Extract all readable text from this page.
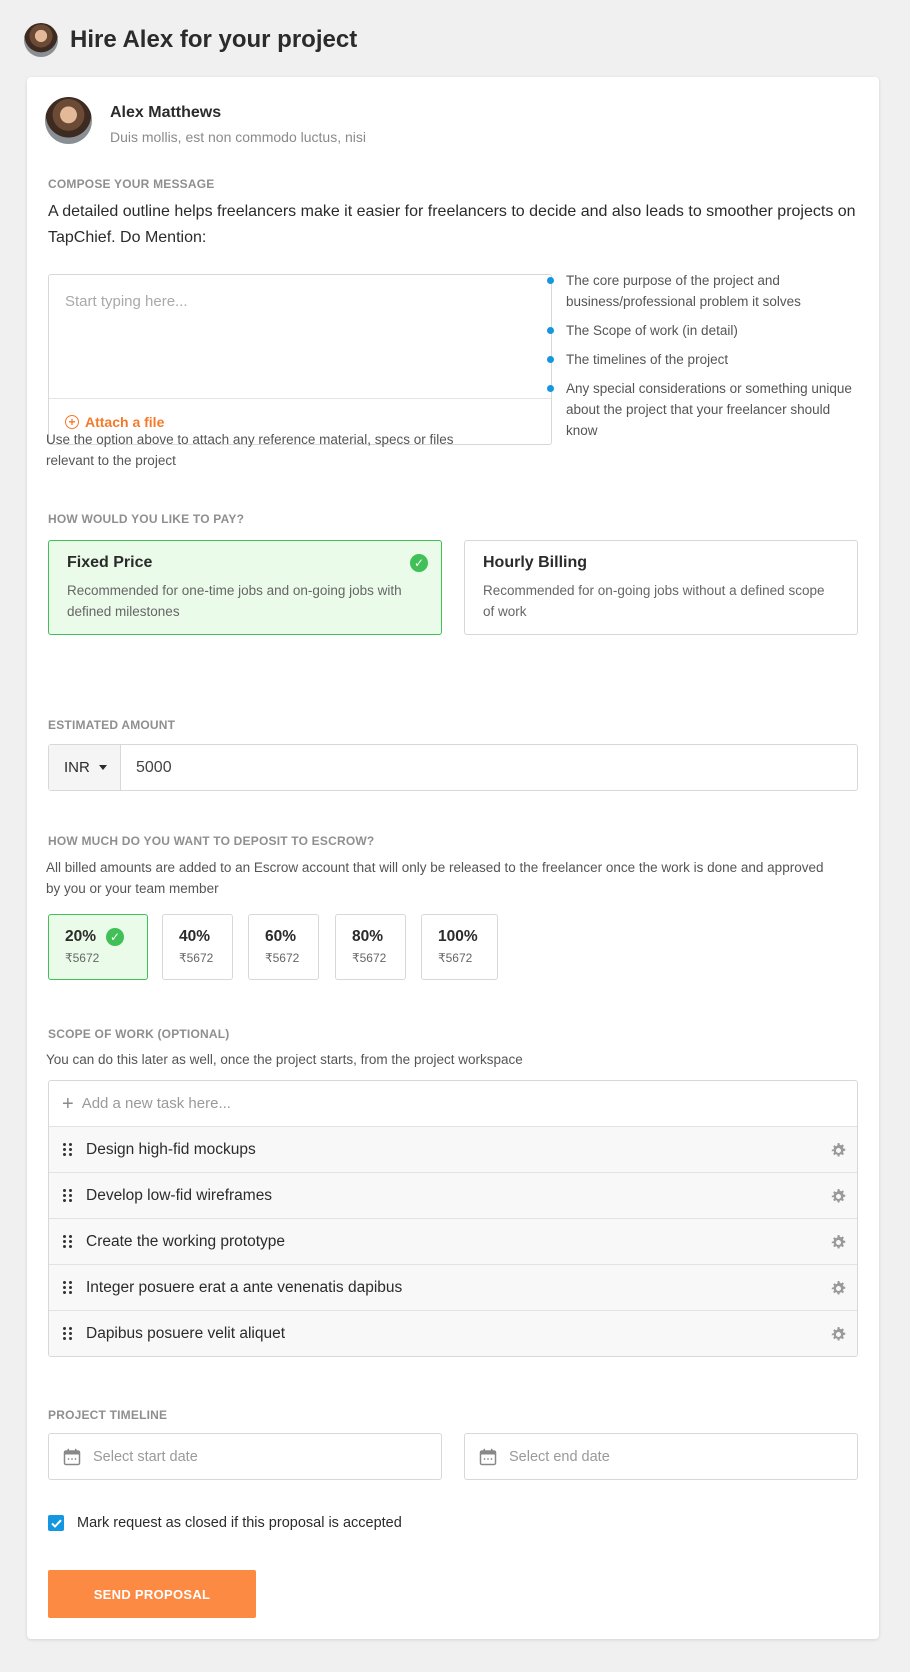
Hire Alex for your project
Alex Matthews
Duis mollis, est non commodo luctus, nisi
COMPOSE YOUR MESSAGE
A detailed outline helps freelancers make it easier for freelancers to decide and also leads to smoother projects on TapChief. Do Mention:
Start typing here...
+ Attach a file
The core purpose of the project and business/professional problem it solves
The Scope of work (in detail)
The timelines of the project
Any special considerations or something unique about the project that your freelancer should know
Use the option above to attach any reference material, specs or files relevant to the project
HOW WOULD YOU LIKE TO PAY?
Fixed Price
Recommended for one-time jobs and on-going jobs with defined milestones
✓	Hourly Billing
Recommended for on-going jobs without a defined scope of work
ESTIMATED AMOUNT
INR
5000
HOW MUCH DO YOU WANT TO DEPOSIT TO ESCROW?
All billed amounts are added to an Escrow account that will only be released to the freelancer once the work is done and approved by you or your team member
20%	✓
₹5672
40%
₹5672
60%
₹5672
80%
₹5672
100%
₹5672
SCOPE OF WORK (OPTIONAL)
You can do this later as well, once the project starts, from the project workspace
+
Add a new task here...
Design high-fid mockups
Develop low-fid wireframes
Create the working prototype
Integer posuere erat a ante venenatis dapibus
Dapibus posuere velit aliquet
PROJECT TIMELINE
Select start date
Select end date
Mark request as closed if this proposal is accepted
SEND PROPOSAL
